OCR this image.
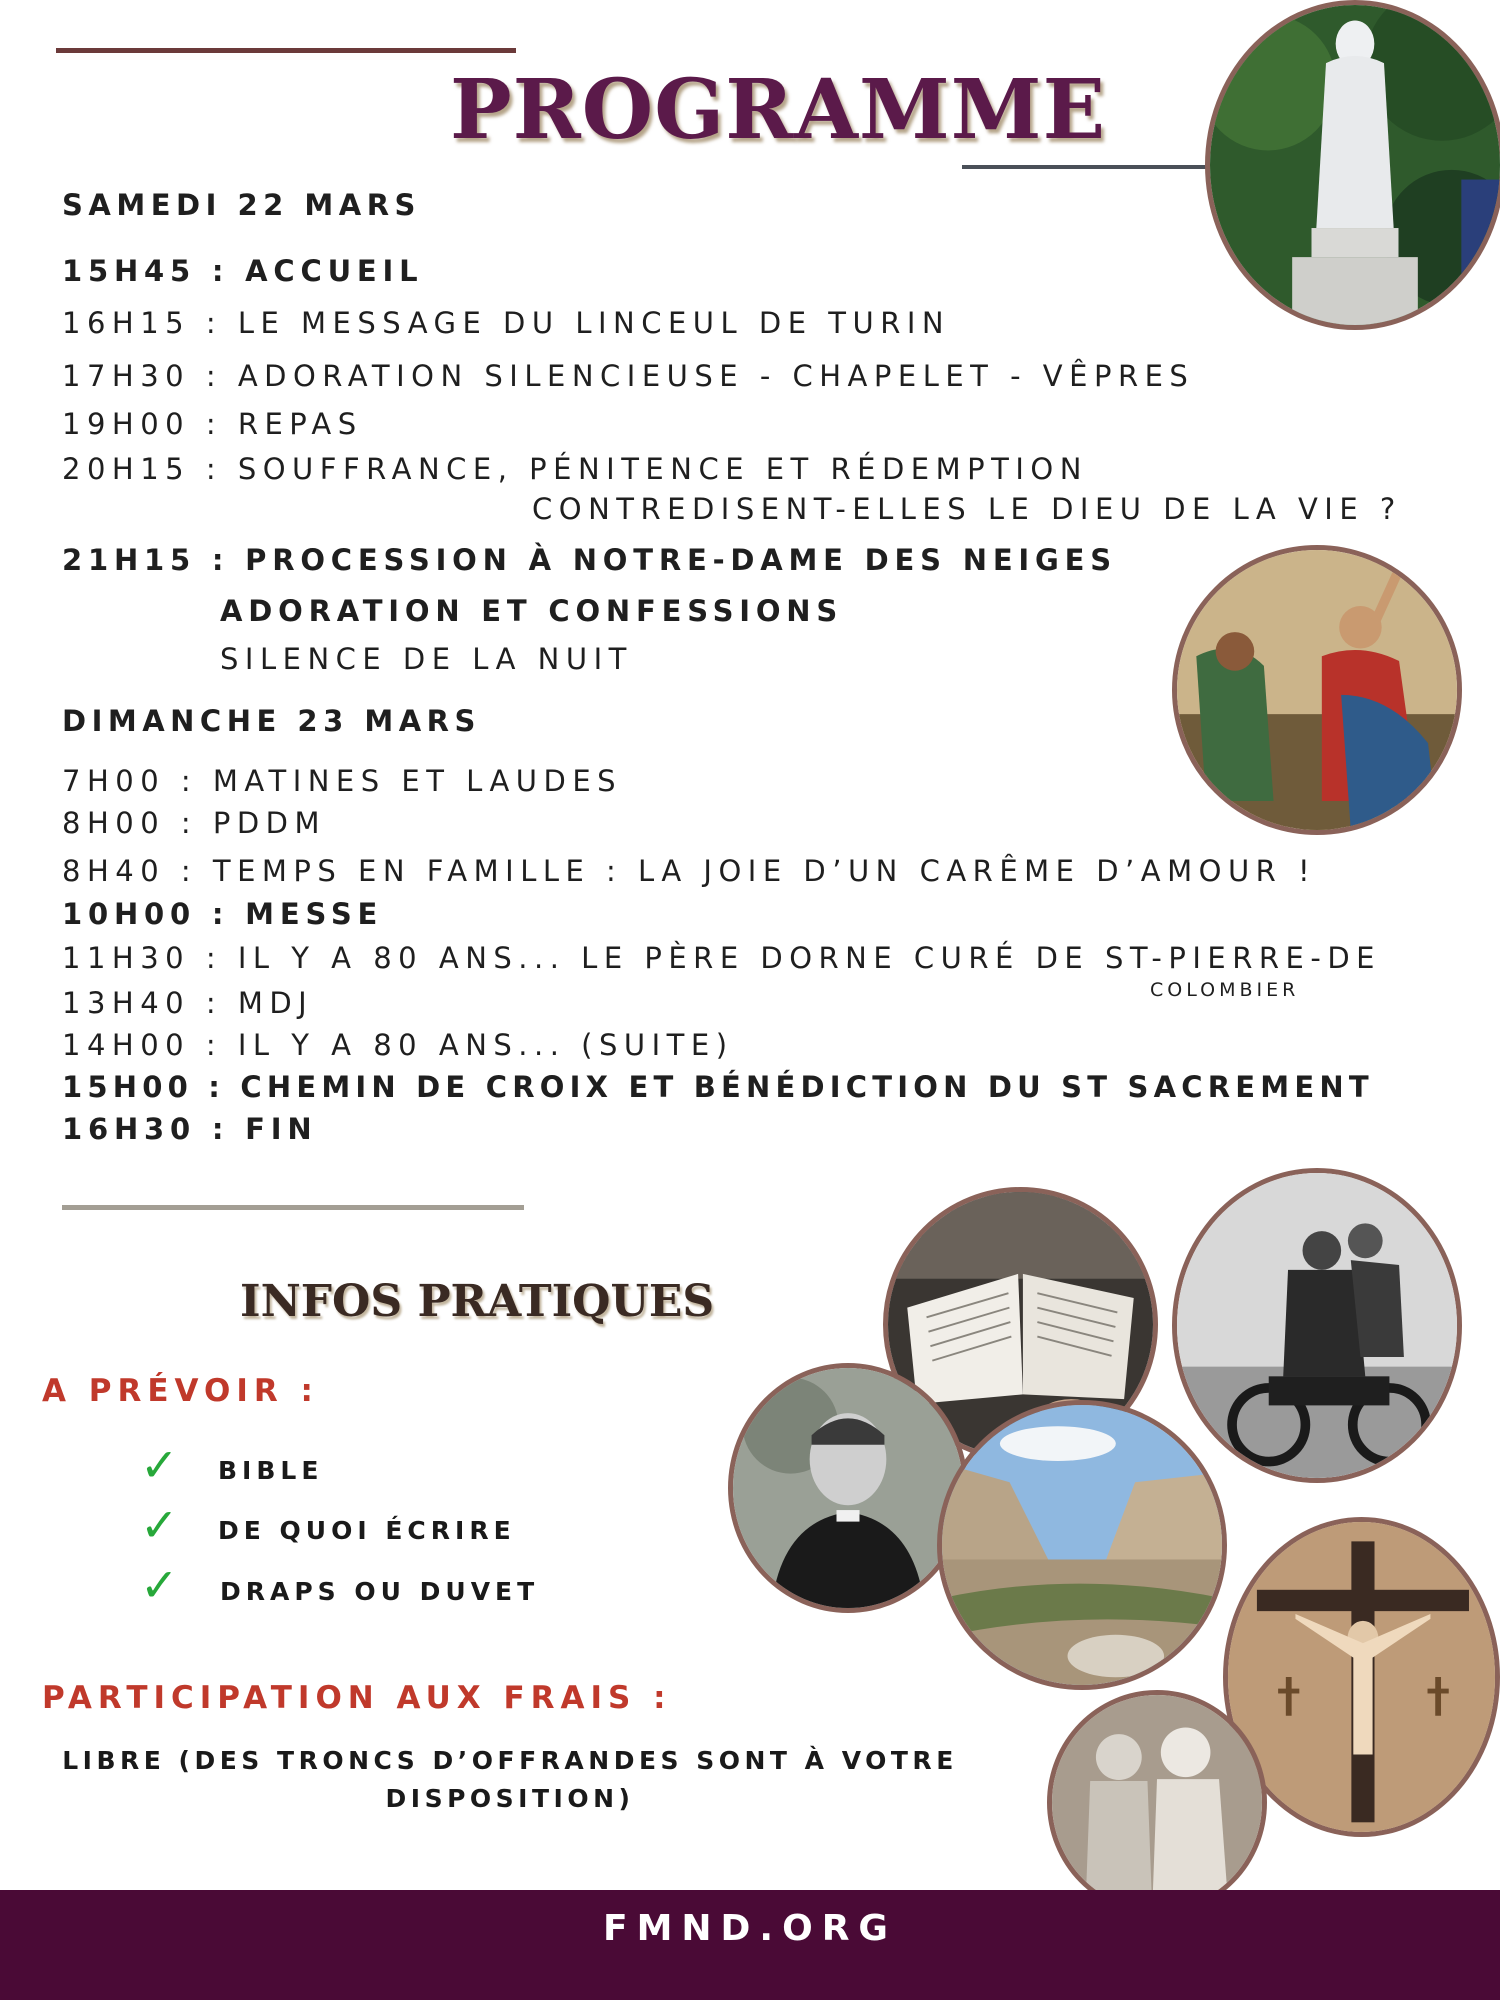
PROGRAMME
SAMEDI 22 MARS
15H45 : ACCUEIL
16H15 : LE MESSAGE DU LINCEUL DE TURIN
17H30 : ADORATION SILENCIEUSE - CHAPELET - VÊPRES
19H00 : REPAS
20H15 : SOUFFRANCE, PÉNITENCE ET RÉDEMPTION
CONTREDISENT-ELLES LE DIEU DE LA VIE ?
21H15 : PROCESSION À NOTRE-DAME DES NEIGES
ADORATION ET CONFESSIONS
SILENCE DE LA NUIT
DIMANCHE 23 MARS
7H00 : MATINES ET LAUDES
8H00 : PDDM
8H40 : TEMPS EN FAMILLE : LA JOIE D’UN CARÊME D’AMOUR !
10H00 : MESSE
11H30 : IL Y A 80 ANS... LE PÈRE DORNE CURÉ DE ST-PIERRE-DE
COLOMBIER
13H40 : MDJ
14H00 : IL Y A 80 ANS... (SUITE)
15H00 : CHEMIN DE CROIX ET BÉNÉDICTION DU ST SACREMENT
16H30 : FIN
INFOS PRATIQUES
A PRÉVOIR :
✓ BIBLE
✓ DE QUOI ÉCRIRE
✓ DRAPS OU DUVET
PARTICIPATION AUX FRAIS :
LIBRE (DES TRONCS D’OFFRANDES SONT À VOTRE DISPOSITION)
FMND.ORG
